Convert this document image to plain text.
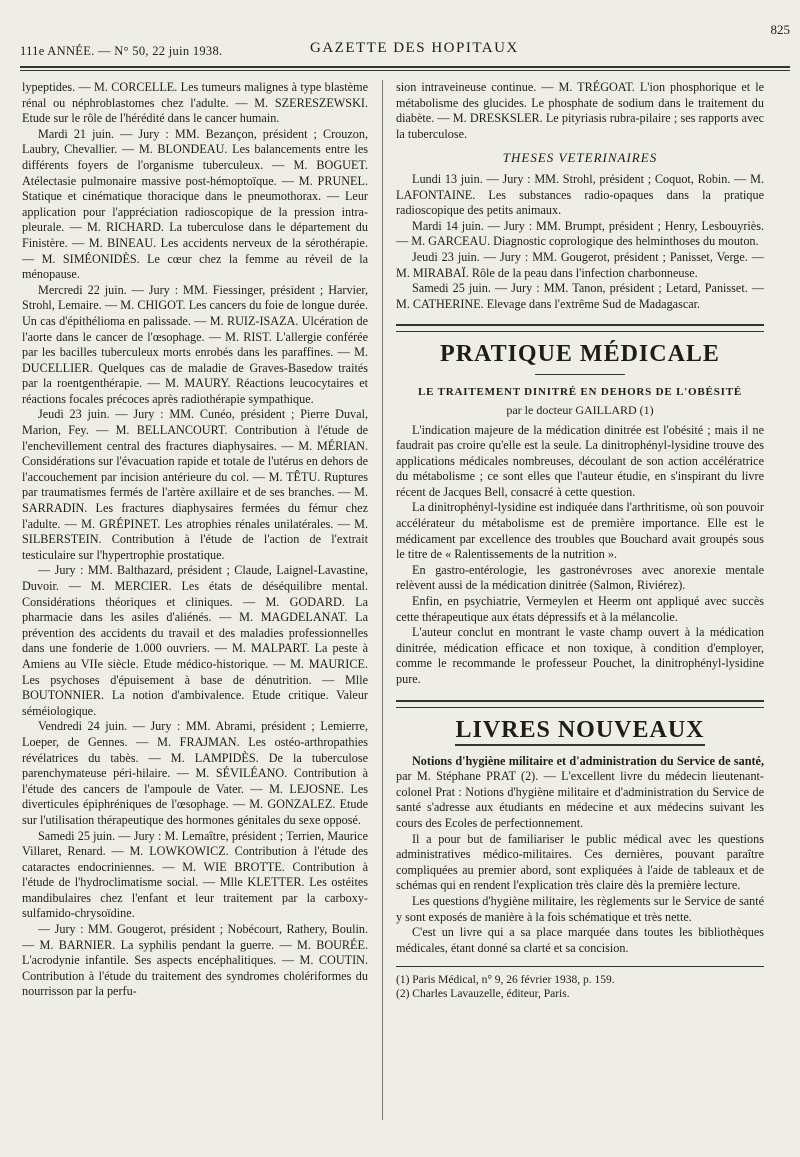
111e ANNÉE. — N° 50, 22 juin 1938.	GAZETTE DES HOPITAUX
825

lypeptides. — M. CORCELLE. Les tumeurs malignes à type blastème rénal ou néphroblastomes chez l'adulte. — M. SZERESZEWSKI. Etude sur le rôle de l'hérédité dans le cancer humain.

Mardi 21 juin. — Jury : MM. Bezançon, président ; Crouzon, Laubry, Chevallier. — M. BLONDEAU. Les balancements entre les différents foyers de l'organisme tuberculeux. — M. BOGUET. Atélectasie pulmonaire massive post-hémoptoïque. — M. PRUNEL. Statique et cinématique thoracique dans le pneumothorax. — Leur application pour l'appréciation radioscopique de la pression intra-pleurale. — M. RICHARD. La tuberculose dans le département du Finistère. — M. BINEAU. Les accidents nerveux de la sérothérapie. — M. SIMÉONIDÈS. Le cœur chez la femme au réveil de la ménopause.

Mercredi 22 juin. — Jury : MM. Fiessinger, président ; Harvier, Strohl, Lemaire. — M. CHIGOT. Les cancers du foie de longue durée. Un cas d'épithélioma en palissade. — M. RUIZ-ISAZA. Ulcération de l'aorte dans le cancer de l'œsophage. — M. RIST. L'allergie conférée par les bacilles tuberculeux morts enrobés dans les paraffines. — M. DUCELLIER. Quelques cas de maladie de Graves-Basedow traités par la roentgenthérapie. — M. MAURY. Réactions leucocytaires et réactions focales précoces après radiothérapie sympathique.

Jeudi 23 juin. — Jury : MM. Cunéo, président ; Pierre Duval, Marion, Fey. — M. BELLANCOURT. Contribution à l'étude de l'enchevillement central des fractures diaphysaires. — M. MÉRIAN. Considérations sur l'évacuation rapide et totale de l'utérus en dehors de l'accouchement par incision antérieure du col. — M. TÊTU. Ruptures par traumatismes fermés de l'artère axillaire et de ses branches. — M. SARRADIN. Les fractures diaphysaires fermées du fémur chez l'adulte. — M. GRÉPINET. Les atrophies rénales unilatérales. — M. SILBERSTEIN. Contribution à l'étude de l'action de l'extrait testiculaire sur l'hypertrophie prostatique.

— Jury : MM. Balthazard, président ; Claude, Laignel-Lavastine, Duvoir. — M. MERCIER. Les états de déséquilibre mental. Considérations théoriques et cliniques. — M. GODARD. La pharmacie dans les asiles d'aliénés. — M. MAGDELANAT. La prévention des accidents du travail et des maladies professionnelles dans une fonderie de 1.000 ouvriers. — M. MALPART. La peste à Amiens au VIIe siècle. Etude médico-historique. — M. MAURICE. Les psychoses d'épuisement à base de dénutrition. — Mlle BOUTONNIER. La notion d'ambivalence. Etude critique. Valeur séméiologique.

Vendredi 24 juin. — Jury : MM. Abrami, président ; Lemierre, Loeper, de Gennes. — M. FRAJMAN. Les ostéo-arthropathies révélatrices du tabès. — M. LAMPIDÈS. De la tuberculose parenchymateuse péri-hilaire. — M. SÉVILÉANO. Contribution à l'étude des cancers de l'ampoule de Vater. — M. LEJOSNE. Les diverticules épiphréniques de l'œsophage. — M. GONZALEZ. Etude sur l'utilisation thérapeutique des hormones génitales du sexe opposé.

Samedi 25 juin. — Jury : M. Lemaître, président ; Terrien, Maurice Villaret, Renard. — M. LOWKOWICZ. Contribution à l'étude des cataractes endocriniennes. — M. WIE BROTTE. Contribution à l'étude de l'hydroclimatisme social. — Mlle KLETTER. Les ostéites mandibulaires chez l'enfant et leur traitement par la carboxy-sulfamido-chrysoïdine.

— Jury : MM. Gougerot, président ; Nobécourt, Rathery, Boulin. — M. BARNIER. La syphilis pendant la guerre. — M. BOURÉE. L'acrodynie infantile. Ses aspects encéphalitiques. — M. COUTIN. Contribution à l'étude du traitement des syndromes cholériformes du nourrisson par la perfu-

sion intraveineuse continue. — M. TRÉGOAT. L'ion phosphorique et le métabolisme des glucides. Le phosphate de sodium dans le traitement du diabète. — M. DRESKSLER. Le pityriasis rubra-pilaire ; ses rapports avec la tuberculose.

THESES VETERINAIRES

Lundi 13 juin. — Jury : MM. Strohl, président ; Coquot, Robin. — M. LAFONTAINE. Les substances radio-opaques dans la pratique radioscopique des petits animaux.

Mardi 14 juin. — Jury : MM. Brumpt, président ; Henry, Lesbouyriès. — M. GARCEAU. Diagnostic coprologique des helminthoses du mouton.

Jeudi 23 juin. — Jury : MM. Gougerot, président ; Panisset, Verge. — M. MIRABAÏ. Rôle de la peau dans l'infection charbonneuse.

Samedi 25 juin. — Jury : MM. Tanon, président ; Letard, Panisset. — M. CATHERINE. Elevage dans l'extrême Sud de Madagascar.

PRATIQUE MÉDICALE
LE TRAITEMENT DINITRÉ EN DEHORS DE L'OBÉSITÉ
par le docteur GAILLARD (1)

L'indication majeure de la médication dinitrée est l'obésité ; mais il ne faudrait pas croire qu'elle est la seule. La dinitrophényl-lysidine trouve des applications médicales nombreuses, découlant de son action accélératrice du métabolisme ; ce sont elles que l'auteur étudie, en s'inspirant du livre récent de Jacques Bell, consacré à cette question.

La dinitrophényl-lysidine est indiquée dans l'arthritisme, où son pouvoir accélérateur du métabolisme est de première importance. Elle est le médicament par excellence des troubles que Bouchard avait groupés sous le titre de « Ralentissements de la nutrition ».

En gastro-entérologie, les gastronévroses avec anorexie mentale relèvent aussi de la médication dinitrée (Salmon, Riviérez).

Enfin, en psychiatrie, Vermeylen et Heerm ont appliqué avec succès cette thérapeutique aux états dépressifs et à la mélancolie.

L'auteur conclut en montrant le vaste champ ouvert à la médication dinitrée, médication efficace et non toxique, à condition d'employer, comme le recommande le professeur Pouchet, la dinitrophényl-lysidine pure.

LIVRES NOUVEAUX

Notions d'hygiène militaire et d'administration du Service de santé, par M. Stéphane PRAT (2). — L'excellent livre du médecin lieutenant-colonel Prat : Notions d'hygiène militaire et d'administration du Service de santé s'adresse aux étudiants en médecine et aux médecins suivant les cours des Ecoles de perfectionnement.

Il a pour but de familiariser le public médical avec les questions administratives médico-militaires. Ces dernières, pouvant paraître compliquées au premier abord, sont expliquées à l'aide de tableaux et de schémas qui en rendent l'explication très claire dès la première lecture.

Les questions d'hygiène militaire, les règlements sur le Service de santé y sont exposés de manière à la fois schématique et très nette.

C'est un livre qui a sa place marquée dans toutes les bibliothèques médicales, étant donné sa clarté et sa concision.

(1) Paris Médical, n° 9, 26 février 1938, p. 159.
(2) Charles Lavauzelle, éditeur, Paris.
